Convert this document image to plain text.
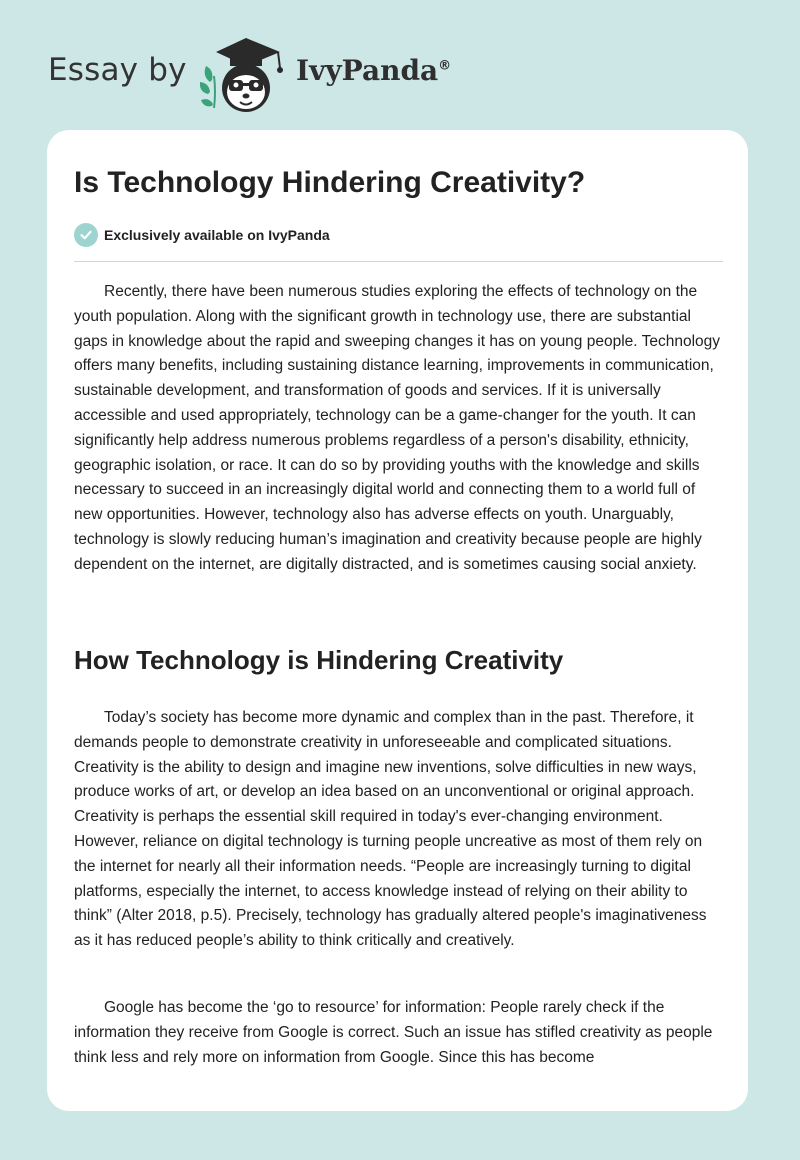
Essay by	IvyPanda®
Is Technology Hindering Creativity?
Exclusively available on IvyPanda

Recently, there have been numerous studies exploring the effects of technology on the youth population. Along with the significant growth in technology use, there are substantial gaps in knowledge about the rapid and sweeping changes it has on young people. Technology offers many benefits, including sustaining distance learning, improvements in communication, sustainable development, and transformation of goods and services. If it is universally accessible and used appropriately, technology can be a game-changer for the youth. It can significantly help address numerous problems regardless of a person's disability, ethnicity, geographic isolation, or race. It can do so by providing youths with the knowledge and skills necessary to succeed in an increasingly digital world and connecting them to a world full of new opportunities. However, technology also has adverse effects on youth. Unarguably, technology is slowly reducing human’s imagination and creativity because people are highly dependent on the internet, are digitally distracted, and is sometimes causing social anxiety.

How Technology is Hindering Creativity

Today’s society has become more dynamic and complex than in the past. Therefore, it demands people to demonstrate creativity in unforeseeable and complicated situations. Creativity is the ability to design and imagine new inventions, solve difficulties in new ways, produce works of art, or develop an idea based on an unconventional or original approach. Creativity is perhaps the essential skill required in today's ever-changing environment. However, reliance on digital technology is turning people uncreative as most of them rely on the internet for nearly all their information needs. “People are increasingly turning to digital platforms, especially the internet, to access knowledge instead of relying on their ability to think” (Alter 2018, p.5). Precisely, technology has gradually altered people's imaginativeness as it has reduced people’s ability to think critically and creatively.

Google has become the ‘go to resource’ for information: People rarely check if the information they receive from Google is correct. Such an issue has stifled creativity as people think less and rely more on information from Google. Since this has become
